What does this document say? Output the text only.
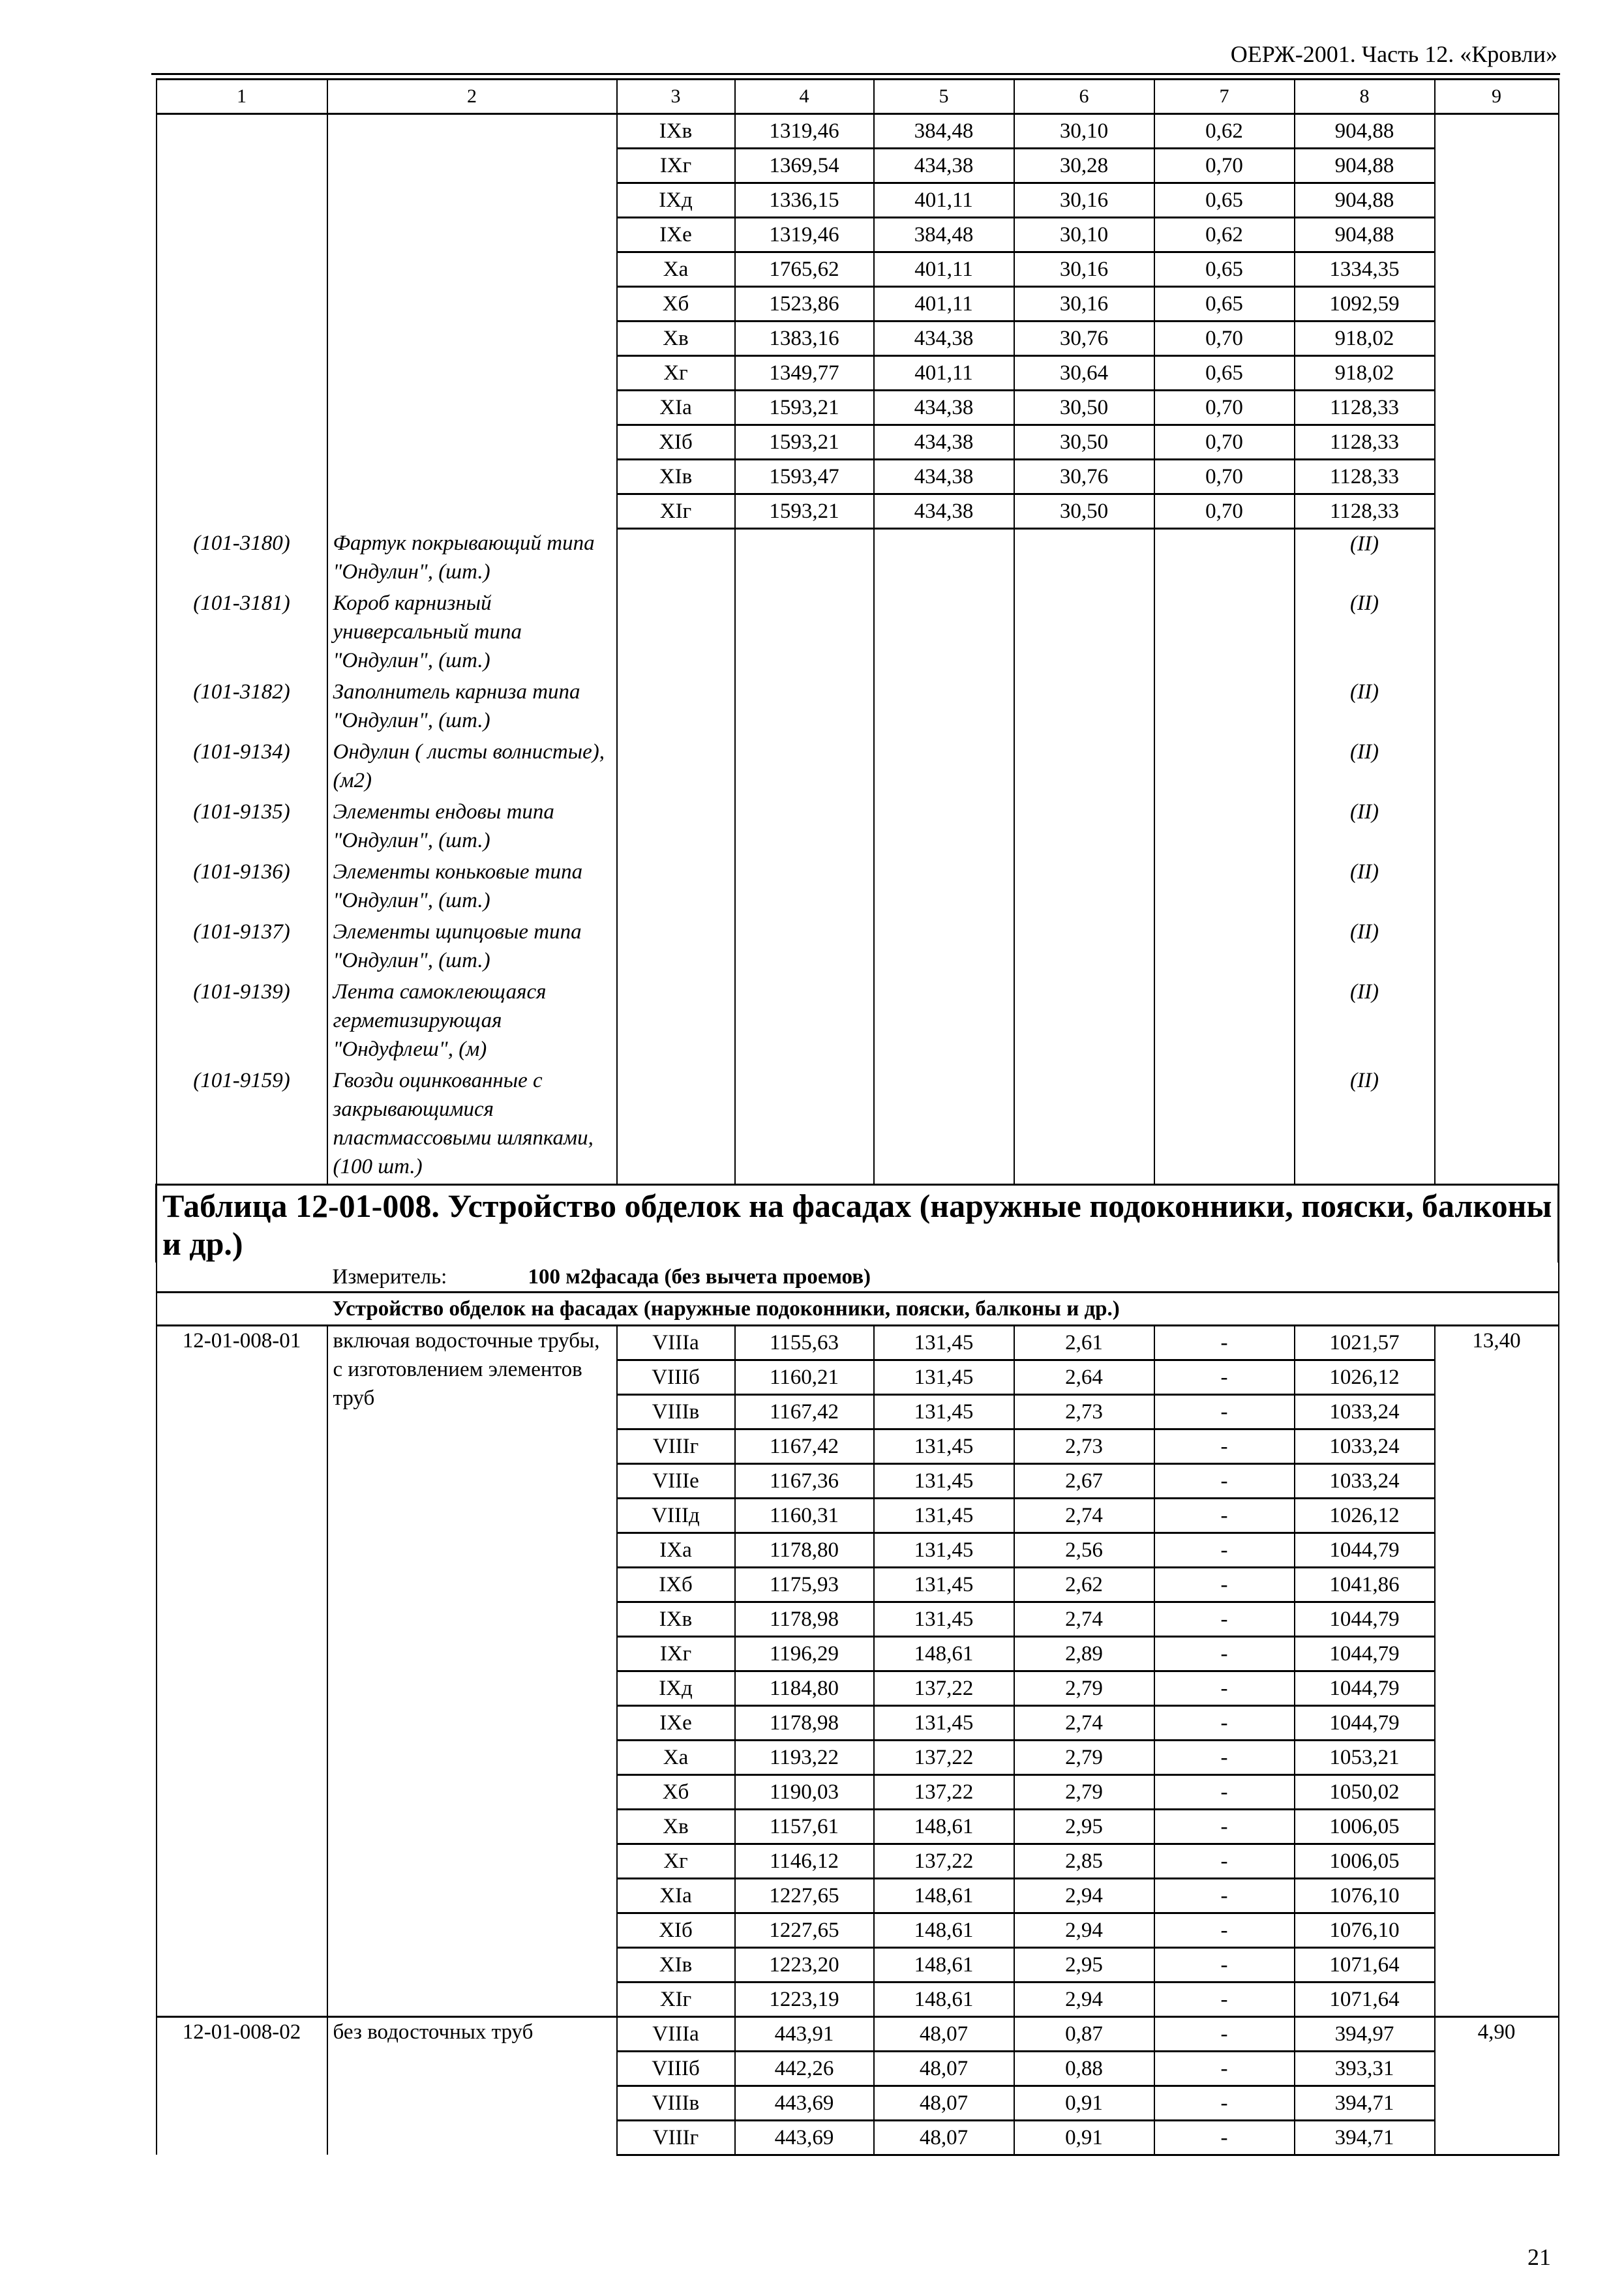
ОЕРЖ-2001. Часть 12. «Кровли»
1	2	3	4	5	6	7	8	9
		IXв	1319,46	384,48	30,10	0,62	904,88	
		IXг	1369,54	434,38	30,28	0,70	904,88	
		IXд	1336,15	401,11	30,16	0,65	904,88	
		IXе	1319,46	384,48	30,10	0,62	904,88	
		Xа	1765,62	401,11	30,16	0,65	1334,35	
		Xб	1523,86	401,11	30,16	0,65	1092,59	
		Xв	1383,16	434,38	30,76	0,70	918,02	
		Xг	1349,77	401,11	30,64	0,65	918,02	
		XIа	1593,21	434,38	30,50	0,70	1128,33	
		XIб	1593,21	434,38	30,50	0,70	1128,33	
		XIв	1593,47	434,38	30,76	0,70	1128,33	
		XIг	1593,21	434,38	30,50	0,70	1128,33	
(101-3180)	Фартук покрывающий типа "Ондулин", (шт.)						(II)	
(101-3181)	Короб карнизный универсальный типа "Ондулин", (шт.)						(II)	
(101-3182)	Заполнитель карниза типа "Ондулин", (шт.)						(II)	
(101-9134)	Ондулин ( листы волнистые), (м2)						(II)	
(101-9135)	Элементы ендовы типа "Ондулин", (шт.)						(II)	
(101-9136)	Элементы коньковые типа "Ондулин", (шт.)						(II)	
(101-9137)	Элементы щипцовые типа "Ондулин", (шт.)						(II)	
(101-9139)	Лента самоклеющаяся герметизирующая "Ондуфлеш", (м)						(II)	
(101-9159)	Гвозди оцинкованные с закрывающимися пластмассовыми шляпками, (100 шт.)						(II)	
Таблица 12-01-008. Устройство обделок на фасадах (наружные подоконники, пояски, балконы и др.)								
	Измеритель: 100 м2фасада (без вычета проемов)							
	Устройство обделок на фасадах (наружные подоконники, пояски, балконы и др.)							
12-01-008-01	включая водосточные трубы, с изготовлением элементов труб	VIIIа	1155,63	131,45	2,61	-	1021,57	13,40
		VIIIб	1160,21	131,45	2,64	-	1026,12	
		VIIIв	1167,42	131,45	2,73	-	1033,24	
		VIIIг	1167,42	131,45	2,73	-	1033,24	
		VIIIе	1167,36	131,45	2,67	-	1033,24	
		VIIIд	1160,31	131,45	2,74	-	1026,12	
		IXа	1178,80	131,45	2,56	-	1044,79	
		IXб	1175,93	131,45	2,62	-	1041,86	
		IXв	1178,98	131,45	2,74	-	1044,79	
		IXг	1196,29	148,61	2,89	-	1044,79	
		IXд	1184,80	137,22	2,79	-	1044,79	
		IXе	1178,98	131,45	2,74	-	1044,79	
		Xа	1193,22	137,22	2,79	-	1053,21	
		Xб	1190,03	137,22	2,79	-	1050,02	
		Xв	1157,61	148,61	2,95	-	1006,05	
		Xг	1146,12	137,22	2,85	-	1006,05	
		XIа	1227,65	148,61	2,94	-	1076,10	
		XIб	1227,65	148,61	2,94	-	1076,10	
		XIв	1223,20	148,61	2,95	-	1071,64	
		XIг	1223,19	148,61	2,94	-	1071,64	
12-01-008-02	без водосточных труб	VIIIа	443,91	48,07	0,87	-	394,97	4,90
		VIIIб	442,26	48,07	0,88	-	393,31	
		VIIIв	443,69	48,07	0,91	-	394,71	
		VIIIг	443,69	48,07	0,91	-	394,71	
21
